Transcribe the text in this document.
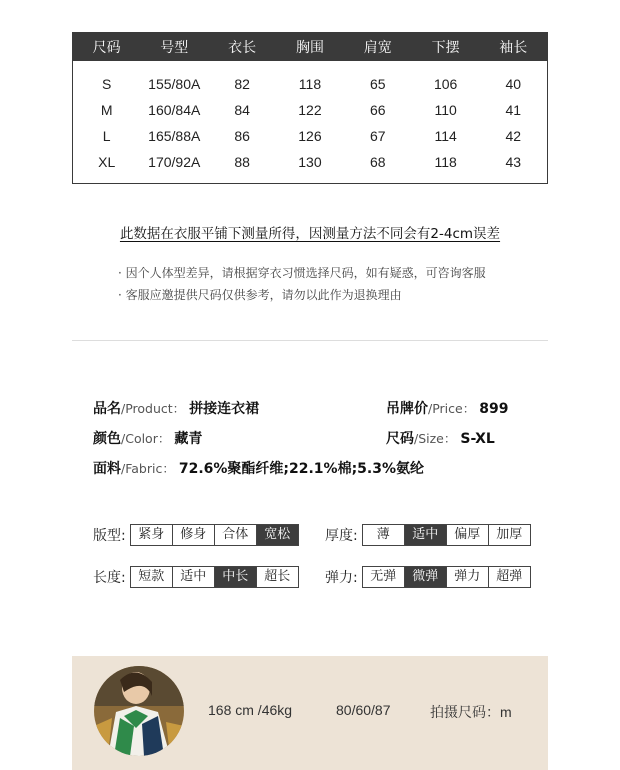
尺码	号型	衣长	胸围	肩宽	下摆	袖长
S	155/80A	82	118	65	106	40
M	160/84A	84	122	66	110	41
L	165/88A	86	126	67	114	42
XL	170/92A	88	130	68	118	43
此数据在衣服平铺下测量所得，因测量方法不同会有2-4cm误差
· 因个人体型差异，请根据穿衣习惯选择尺码，如有疑惑，可咨询客服
· 客服应邀提供尺码仅供参考，请勿以此作为退换理由
品名/Product： 拼接连衣裙	吊牌价/Price： 899
颜色/Color： 藏青	尺码/Size： S-XL
面料/Fabric： 72.6%聚酯纤维;22.1%棉;5.3%氨纶
版型: 紧身	修身	合体	宽松	厚度:	薄	适中	偏厚	加厚
长度: 短款	适中	中长	超长	弹力: 无弹	微弹	弹力	超弹
168 cm /46kg	80/60/87	拍摄尺码：m
